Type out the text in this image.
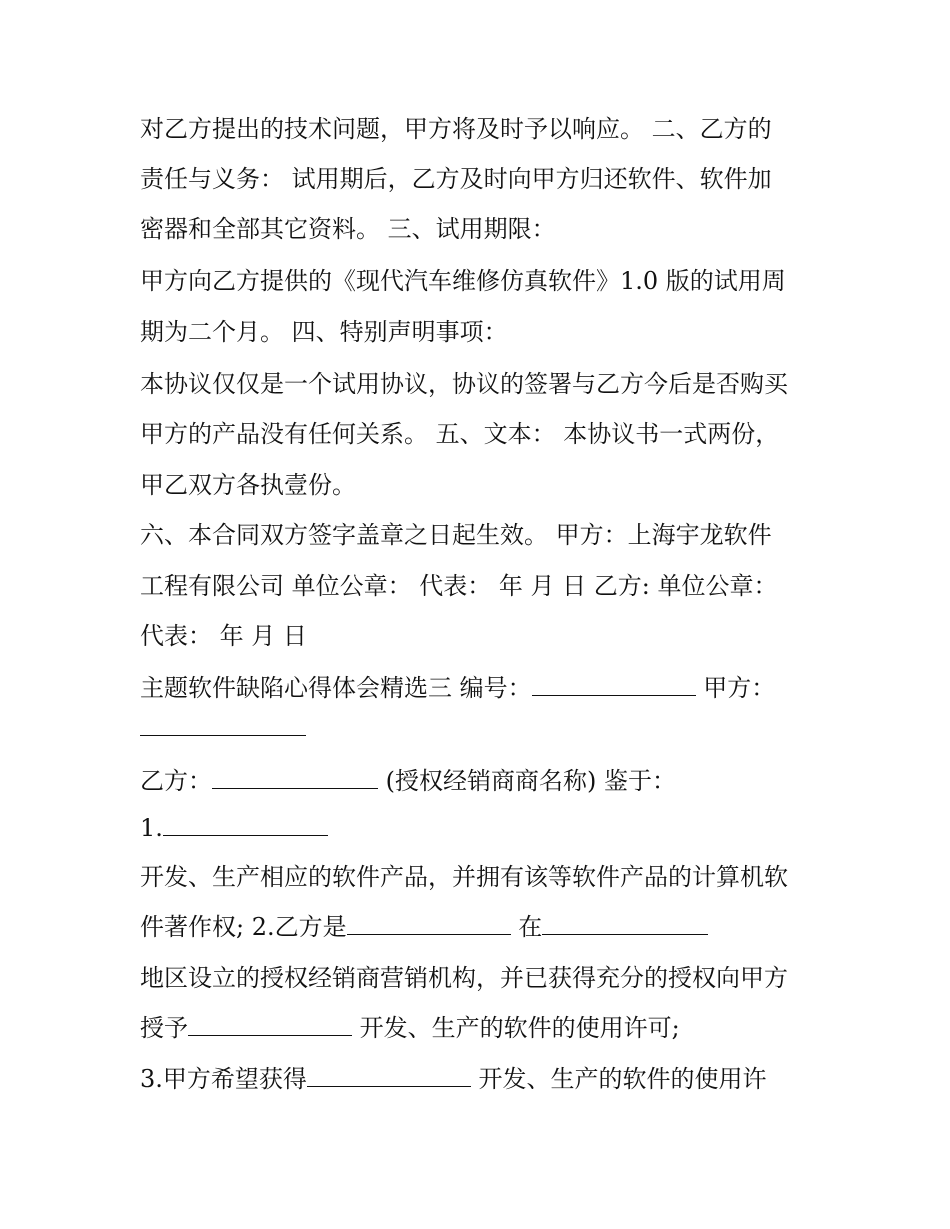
对乙方提出的技术问题，甲方将及时予以响应。 二、乙方的
责任与义务： 试用期后，乙方及时向甲方归还软件、软件加
密器和全部其它资料。 三、试用期限：
甲方向乙方提供的《现代汽车维修仿真软件》1.0 版的试用周
期为二个月。 四、特别声明事项：
本协议仅仅是一个试用协议，协议的签署与乙方今后是否购买
甲方的产品没有任何关系。 五、文本： 本协议书一式两份，
甲乙双方各执壹份。
六、本合同双方签字盖章之日起生效。 甲方：上海宇龙软件
工程有限公司 单位公章： 代表： 年 月 日 乙方: 单位公章：
代表： 年 月 日
主题软件缺陷心得体会精选三 编号：	甲方：
乙方：	(授权经销商商名称) 鉴于：
1.
开发、生产相应的软件产品，并拥有该等软件产品的计算机软
件著作权; 2.乙方是	在
地区设立的授权经销商营销机构，并已获得充分的授权向甲方
授予	开发、生产的软件的使用许可;
3.甲方希望获得	开发、生产的软件的使用许
